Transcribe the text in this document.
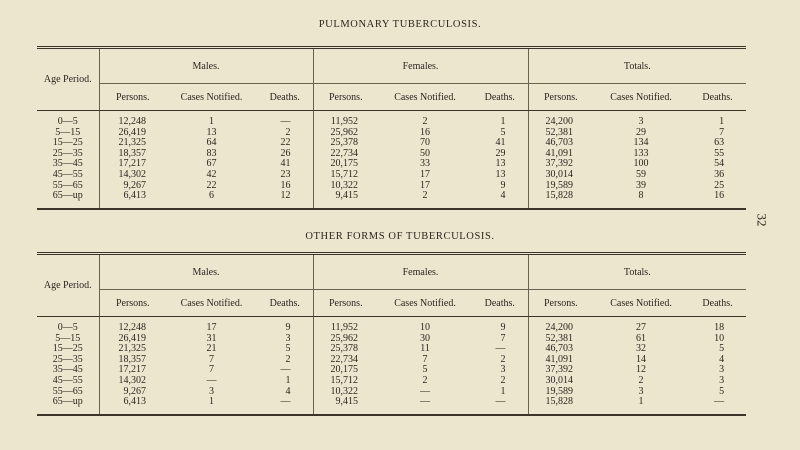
PULMONARY TUBERCULOSIS.
Age Period.	Males.			Females.			Totals.		
	Persons.	Cases Notified.	Deaths.	Persons.	Cases Notified.	Deaths.	Persons.	Cases Notified.	Deaths.
0—5	12,248	1	—	11,952	2	1	24,200	3	1
5—15	26,419	13	2	25,962	16	5	52,381	29	7
15—25	21,325	64	22	25,378	70	41	46,703	134	63
25—35	18,357	83	26	22,734	50	29	41,091	133	55
35—45	17,217	67	41	20,175	33	13	37,392	100	54
45—55	14,302	42	23	15,712	17	13	30,014	59	36
55—65	9,267	22	16	10,322	17	9	19,589	39	25
65—up	6,413	6	12	9,415	2	4	15,828	8	16
OTHER FORMS OF TUBERCULOSIS.
Age Period.	Males.			Females.			Totals.		
	Persons.	Cases Notified.	Deaths.	Persons.	Cases Notified.	Deaths.	Persons.	Cases Notified.	Deaths.
0—5	12,248	17	9	11,952	10	9	24,200	27	18
5—15	26,419	31	3	25,962	30	7	52,381	61	10
15—25	21,325	21	5	25,378	11	—	46,703	32	5
25—35	18,357	7	2	22,734	7	2	41,091	14	4
35—45	17,217	7	—	20,175	5	3	37,392	12	3
45—55	14,302	—	1	15,712	2	2	30,014	2	3
55—65	9,267	3	4	10,322	—	1	19,589	3	5
65—up	6,413	1	—	9,415	—	—	15,828	1	—
32
